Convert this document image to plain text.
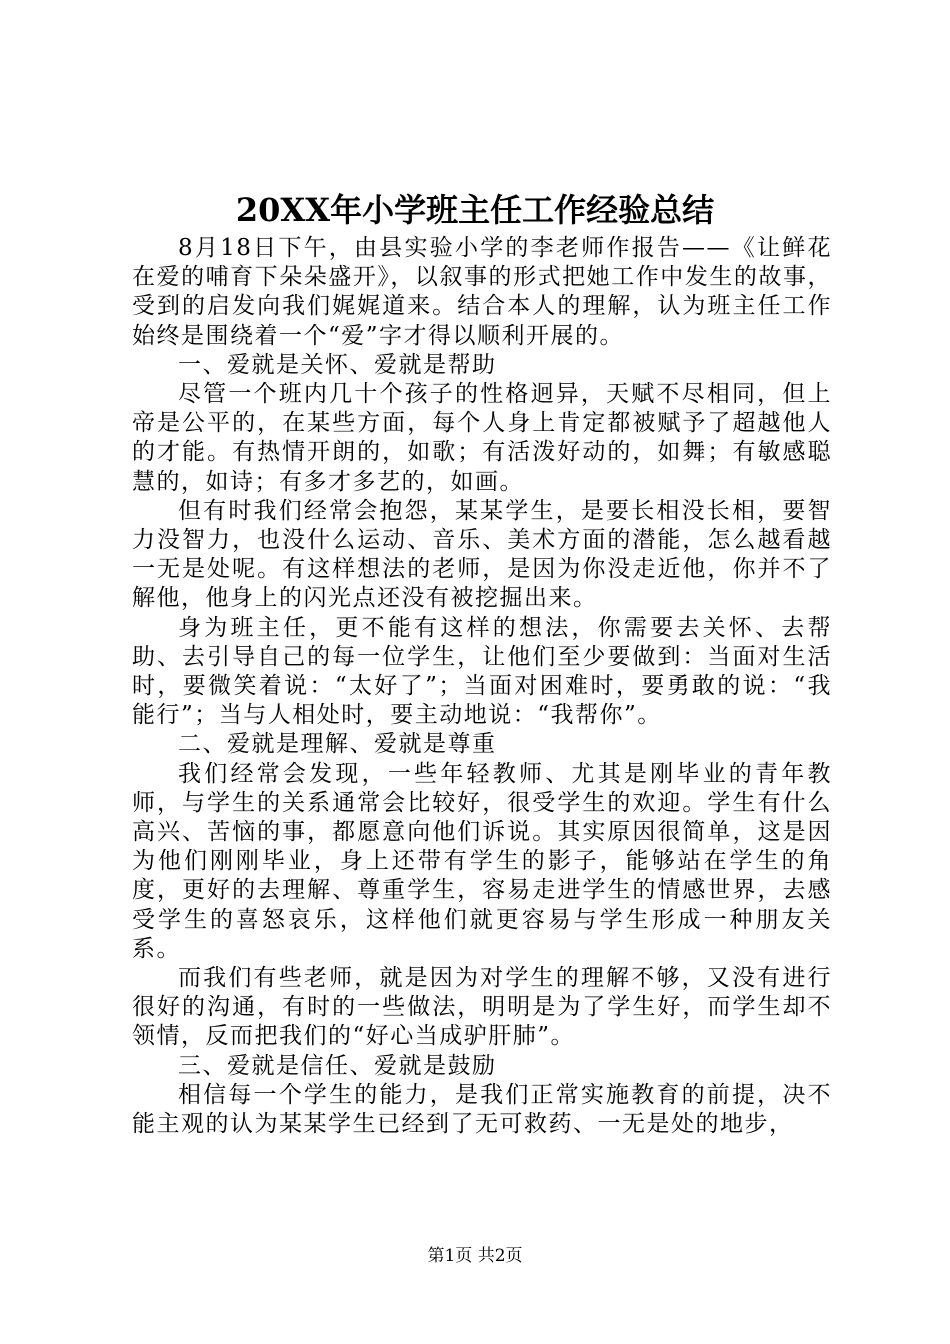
20XX年小学班主任工作经验总结

8月18日下午，由县实验小学的李老师作报告——《让鲜花在爱的哺育下朵朵盛开》，以叙事的形式把她工作中发生的故事，受到的启发向我们娓娓道来。结合本人的理解，认为班主任工作始终是围绕着一个“爱”字才得以顺利开展的。

一、爱就是关怀、爱就是帮助

尽管一个班内几十个孩子的性格迥异，天赋不尽相同，但上帝是公平的，在某些方面，每个人身上肯定都被赋予了超越他人的才能。有热情开朗的，如歌；有活泼好动的，如舞；有敏感聪慧的，如诗；有多才多艺的，如画。

但有时我们经常会抱怨，某某学生，是要长相没长相，要智力没智力，也没什么运动、音乐、美术方面的潜能，怎么越看越一无是处呢。有这样想法的老师，是因为你没走近他，你并不了解他，他身上的闪光点还没有被挖掘出来。

身为班主任，更不能有这样的想法，你需要去关怀、去帮助、去引导自己的每一位学生，让他们至少要做到：当面对生活时，要微笑着说：“太好了”；当面对困难时，要勇敢的说：“我能行”；当与人相处时，要主动地说：“我帮你”。

二、爱就是理解、爱就是尊重

我们经常会发现，一些年轻教师、尤其是刚毕业的青年教师，与学生的关系通常会比较好，很受学生的欢迎。学生有什么高兴、苦恼的事，都愿意向他们诉说。其实原因很简单，这是因为他们刚刚毕业，身上还带有学生的影子，能够站在学生的角度，更好的去理解、尊重学生，容易走进学生的情感世界，去感受学生的喜怒哀乐，这样他们就更容易与学生形成一种朋友关系。

而我们有些老师，就是因为对学生的理解不够，又没有进行很好的沟通，有时的一些做法，明明是为了学生好，而学生却不领情，反而把我们的“好心当成驴肝肺”。

三、爱就是信任、爱就是鼓励

相信每一个学生的能力，是我们正常实施教育的前提，决不能主观的认为某某学生已经到了无可救药、一无是处的地步，

第1页 共2页
